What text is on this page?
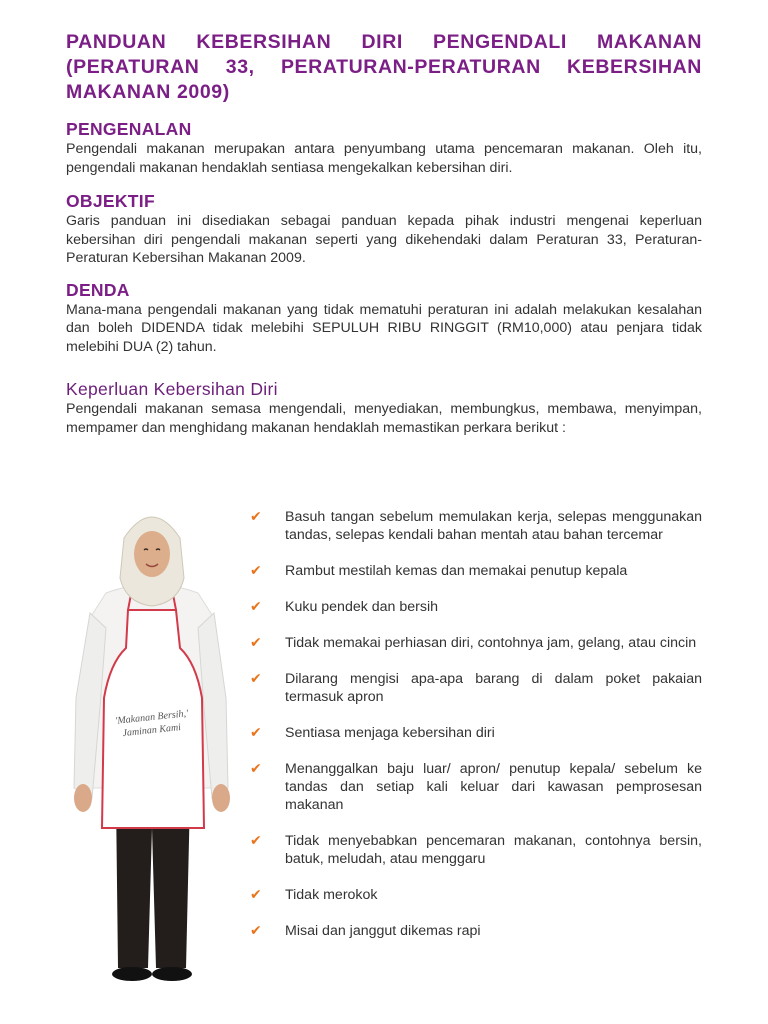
PANDUAN KEBERSIHAN DIRI PENGENDALI MAKANAN (PERATURAN 33, PERATURAN-PERATURAN KEBERSIHAN MAKANAN 2009)
PENGENALAN

Pengendali makanan merupakan antara penyumbang utama pencemaran makanan. Oleh itu, pengendali makanan hendaklah sentiasa mengekalkan kebersihan diri.

OBJEKTIF

Garis panduan ini disediakan sebagai panduan kepada pihak industri mengenai keperluan kebersihan diri pengendali makanan seperti yang dikehendaki dalam Peraturan 33, Peraturan-Peraturan Kebersihan Makanan 2009.

DENDA

Mana-mana pengendali makanan yang tidak mematuhi peraturan ini adalah melakukan kesalahan dan boleh DIDENDA tidak melebihi SEPULUH RIBU RINGGIT (RM10,000) atau penjara tidak melebihi DUA (2) tahun.

Keperluan Kebersihan Diri

Pengendali makanan semasa mengendali, menyediakan, membungkus, membawa, menyimpan, mempamer dan menghidang makanan hendaklah memastikan perkara berikut :

'Makanan Bersih,'
Jaminan Kami
✔ Basuh tangan sebelum memulakan kerja, selepas menggunakan tandas, selepas kendali bahan mentah atau bahan tercemar
✔ Rambut mestilah kemas dan memakai penutup kepala
✔ Kuku pendek dan bersih
✔ Tidak memakai perhiasan diri, contohnya jam, gelang, atau cincin
✔ Dilarang mengisi apa-apa barang di dalam poket pakaian termasuk apron
✔ Sentiasa menjaga kebersihan diri
✔ Menanggalkan baju luar/ apron/ penutup kepala/ sebelum ke tandas dan setiap kali keluar dari kawasan pemprosesan makanan
✔ Tidak menyebabkan pencemaran makanan, contohnya bersin, batuk, meludah, atau menggaru
✔ Tidak merokok
✔ Misai dan janggut dikemas rapi
